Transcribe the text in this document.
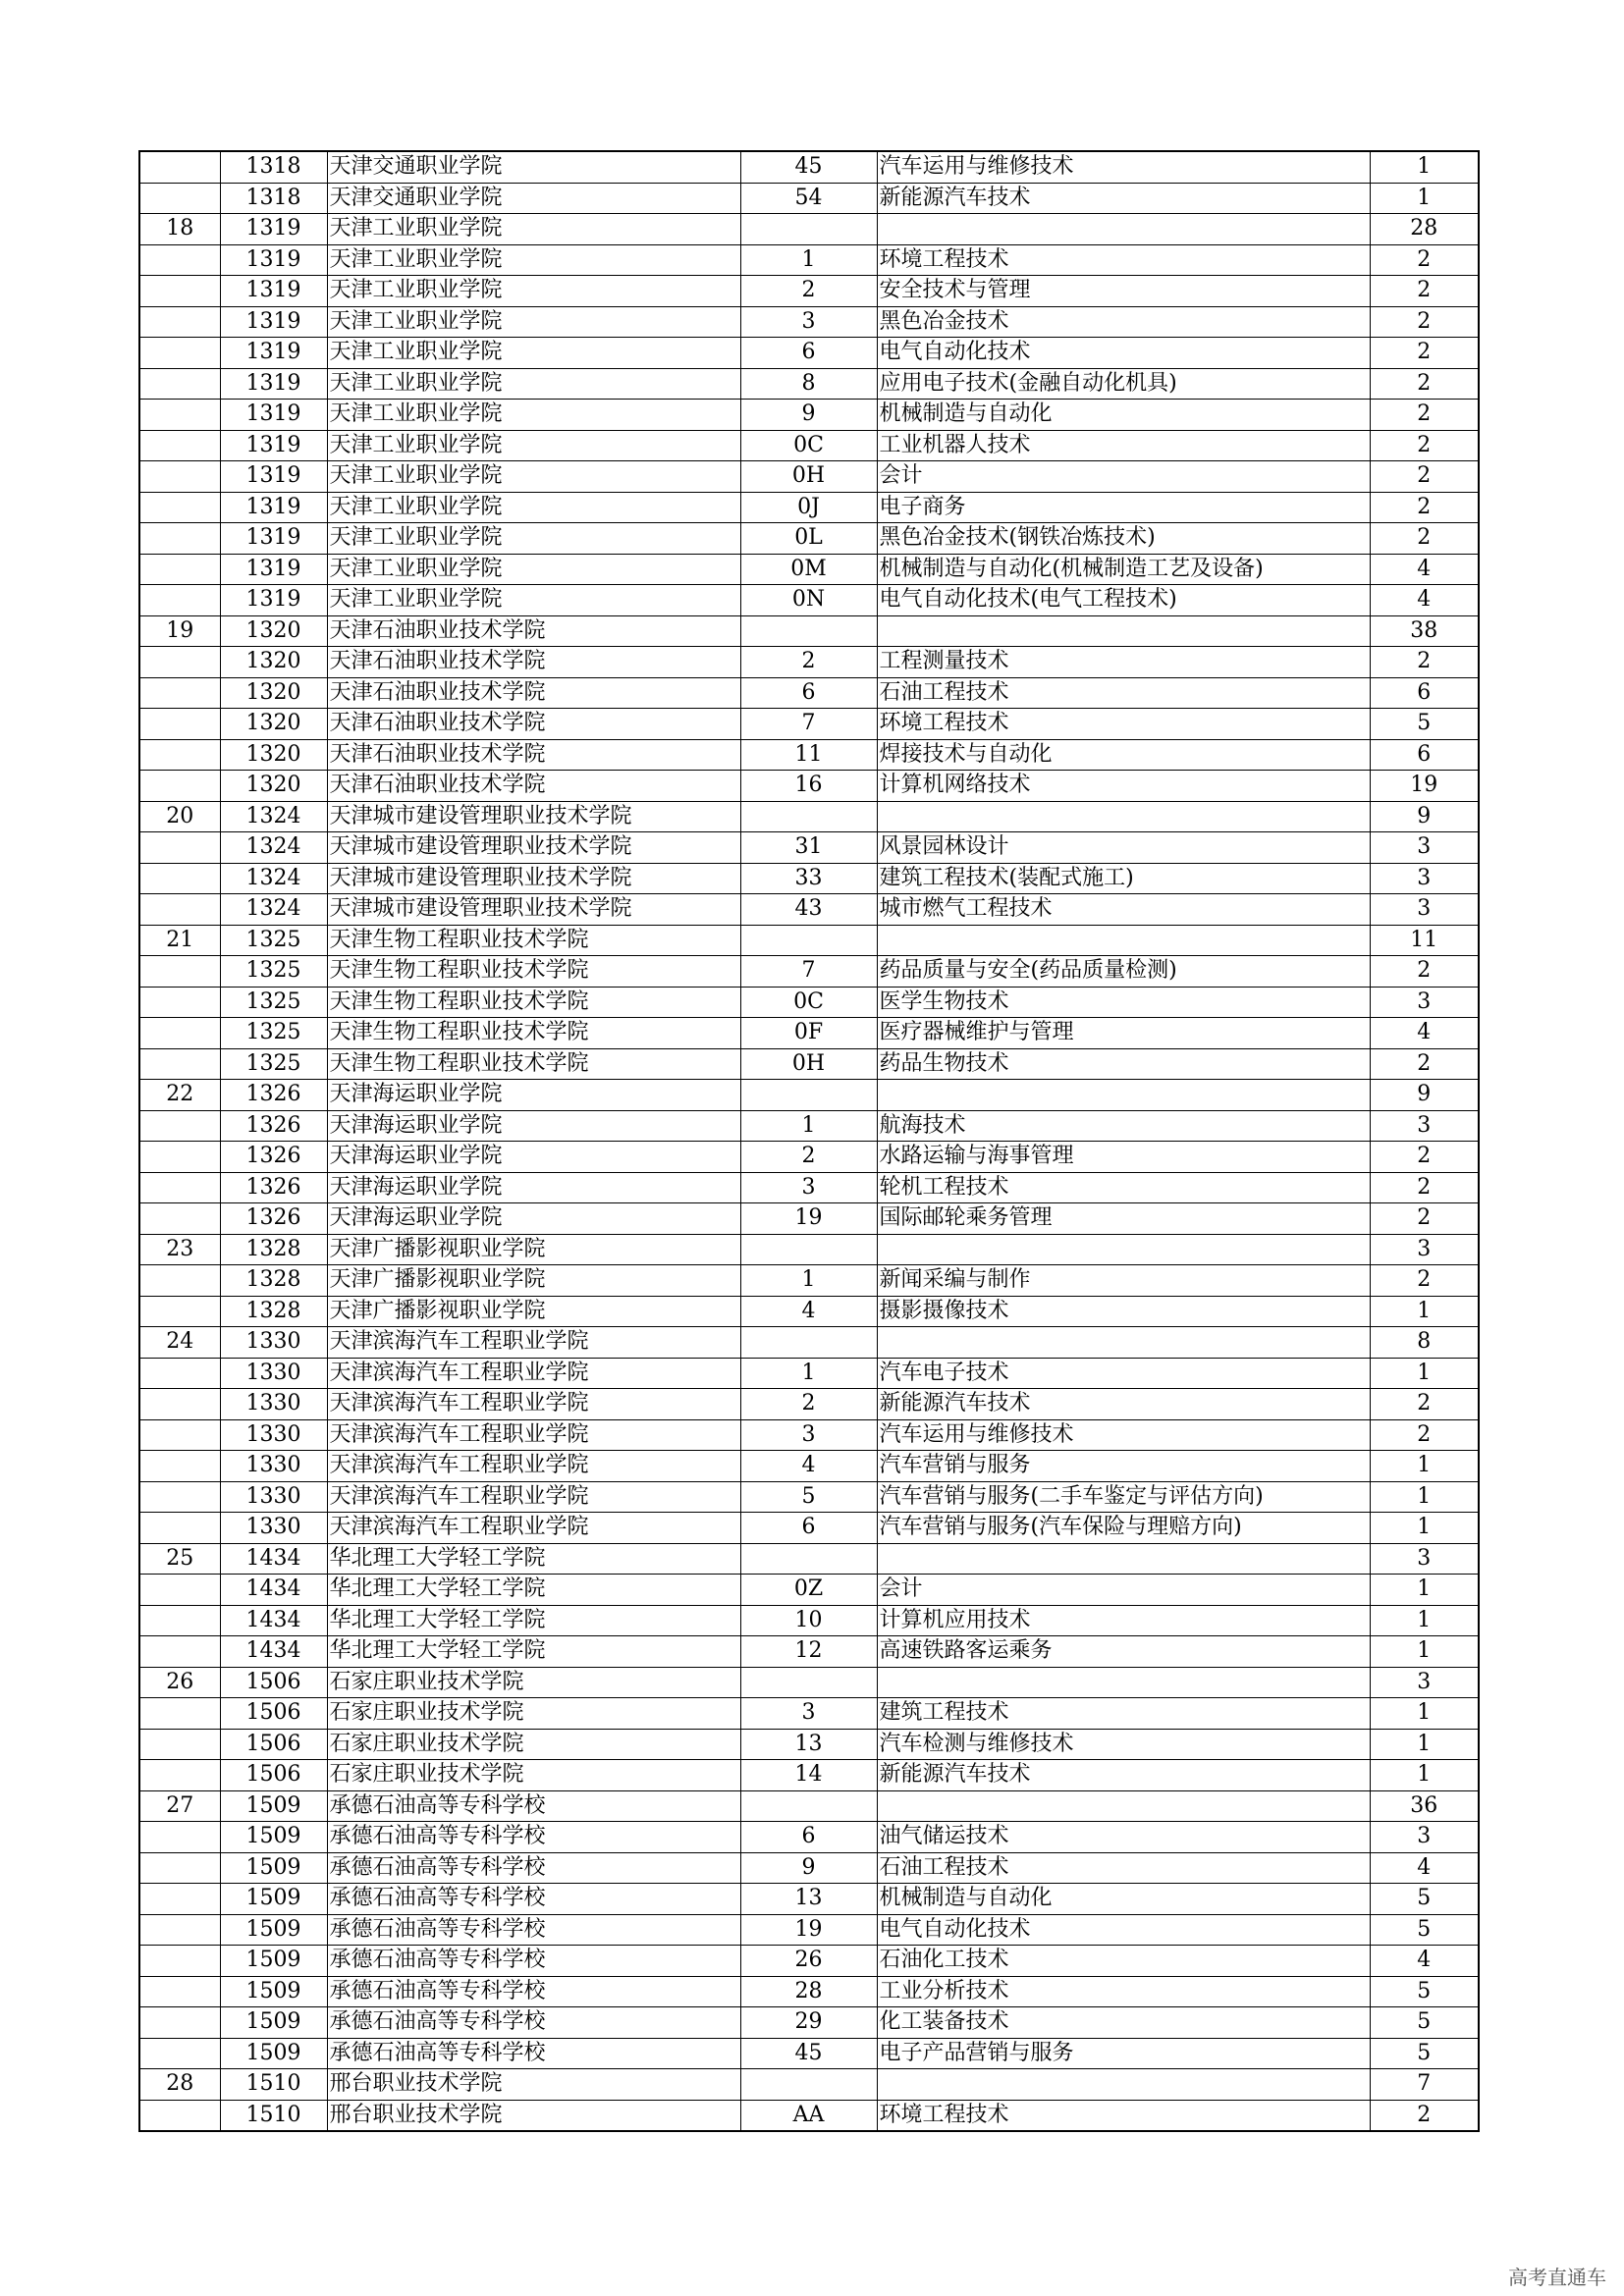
	1318	天津交通职业学院	45	汽车运用与维修技术	1
	1318	天津交通职业学院	54	新能源汽车技术	1
18	1319	天津工业职业学院			28
	1319	天津工业职业学院	1	环境工程技术	2
	1319	天津工业职业学院	2	安全技术与管理	2
	1319	天津工业职业学院	3	黑色冶金技术	2
	1319	天津工业职业学院	6	电气自动化技术	2
	1319	天津工业职业学院	8	应用电子技术(金融自动化机具)	2
	1319	天津工业职业学院	9	机械制造与自动化	2
	1319	天津工业职业学院	0C	工业机器人技术	2
	1319	天津工业职业学院	0H	会计	2
	1319	天津工业职业学院	0J	电子商务	2
	1319	天津工业职业学院	0L	黑色冶金技术(钢铁冶炼技术)	2
	1319	天津工业职业学院	0M	机械制造与自动化(机械制造工艺及设备)	4
	1319	天津工业职业学院	0N	电气自动化技术(电气工程技术)	4
19	1320	天津石油职业技术学院			38
	1320	天津石油职业技术学院	2	工程测量技术	2
	1320	天津石油职业技术学院	6	石油工程技术	6
	1320	天津石油职业技术学院	7	环境工程技术	5
	1320	天津石油职业技术学院	11	焊接技术与自动化	6
	1320	天津石油职业技术学院	16	计算机网络技术	19
20	1324	天津城市建设管理职业技术学院			9
	1324	天津城市建设管理职业技术学院	31	风景园林设计	3
	1324	天津城市建设管理职业技术学院	33	建筑工程技术(装配式施工)	3
	1324	天津城市建设管理职业技术学院	43	城市燃气工程技术	3
21	1325	天津生物工程职业技术学院			11
	1325	天津生物工程职业技术学院	7	药品质量与安全(药品质量检测)	2
	1325	天津生物工程职业技术学院	0C	医学生物技术	3
	1325	天津生物工程职业技术学院	0F	医疗器械维护与管理	4
	1325	天津生物工程职业技术学院	0H	药品生物技术	2
22	1326	天津海运职业学院			9
	1326	天津海运职业学院	1	航海技术	3
	1326	天津海运职业学院	2	水路运输与海事管理	2
	1326	天津海运职业学院	3	轮机工程技术	2
	1326	天津海运职业学院	19	国际邮轮乘务管理	2
23	1328	天津广播影视职业学院			3
	1328	天津广播影视职业学院	1	新闻采编与制作	2
	1328	天津广播影视职业学院	4	摄影摄像技术	1
24	1330	天津滨海汽车工程职业学院			8
	1330	天津滨海汽车工程职业学院	1	汽车电子技术	1
	1330	天津滨海汽车工程职业学院	2	新能源汽车技术	2
	1330	天津滨海汽车工程职业学院	3	汽车运用与维修技术	2
	1330	天津滨海汽车工程职业学院	4	汽车营销与服务	1
	1330	天津滨海汽车工程职业学院	5	汽车营销与服务(二手车鉴定与评估方向)	1
	1330	天津滨海汽车工程职业学院	6	汽车营销与服务(汽车保险与理赔方向)	1
25	1434	华北理工大学轻工学院			3
	1434	华北理工大学轻工学院	0Z	会计	1
	1434	华北理工大学轻工学院	10	计算机应用技术	1
	1434	华北理工大学轻工学院	12	高速铁路客运乘务	1
26	1506	石家庄职业技术学院			3
	1506	石家庄职业技术学院	3	建筑工程技术	1
	1506	石家庄职业技术学院	13	汽车检测与维修技术	1
	1506	石家庄职业技术学院	14	新能源汽车技术	1
27	1509	承德石油高等专科学校			36
	1509	承德石油高等专科学校	6	油气储运技术	3
	1509	承德石油高等专科学校	9	石油工程技术	4
	1509	承德石油高等专科学校	13	机械制造与自动化	5
	1509	承德石油高等专科学校	19	电气自动化技术	5
	1509	承德石油高等专科学校	26	石油化工技术	4
	1509	承德石油高等专科学校	28	工业分析技术	5
	1509	承德石油高等专科学校	29	化工装备技术	5
	1509	承德石油高等专科学校	45	电子产品营销与服务	5
28	1510	邢台职业技术学院			7
	1510	邢台职业技术学院	AA	环境工程技术	2
高考直通车
